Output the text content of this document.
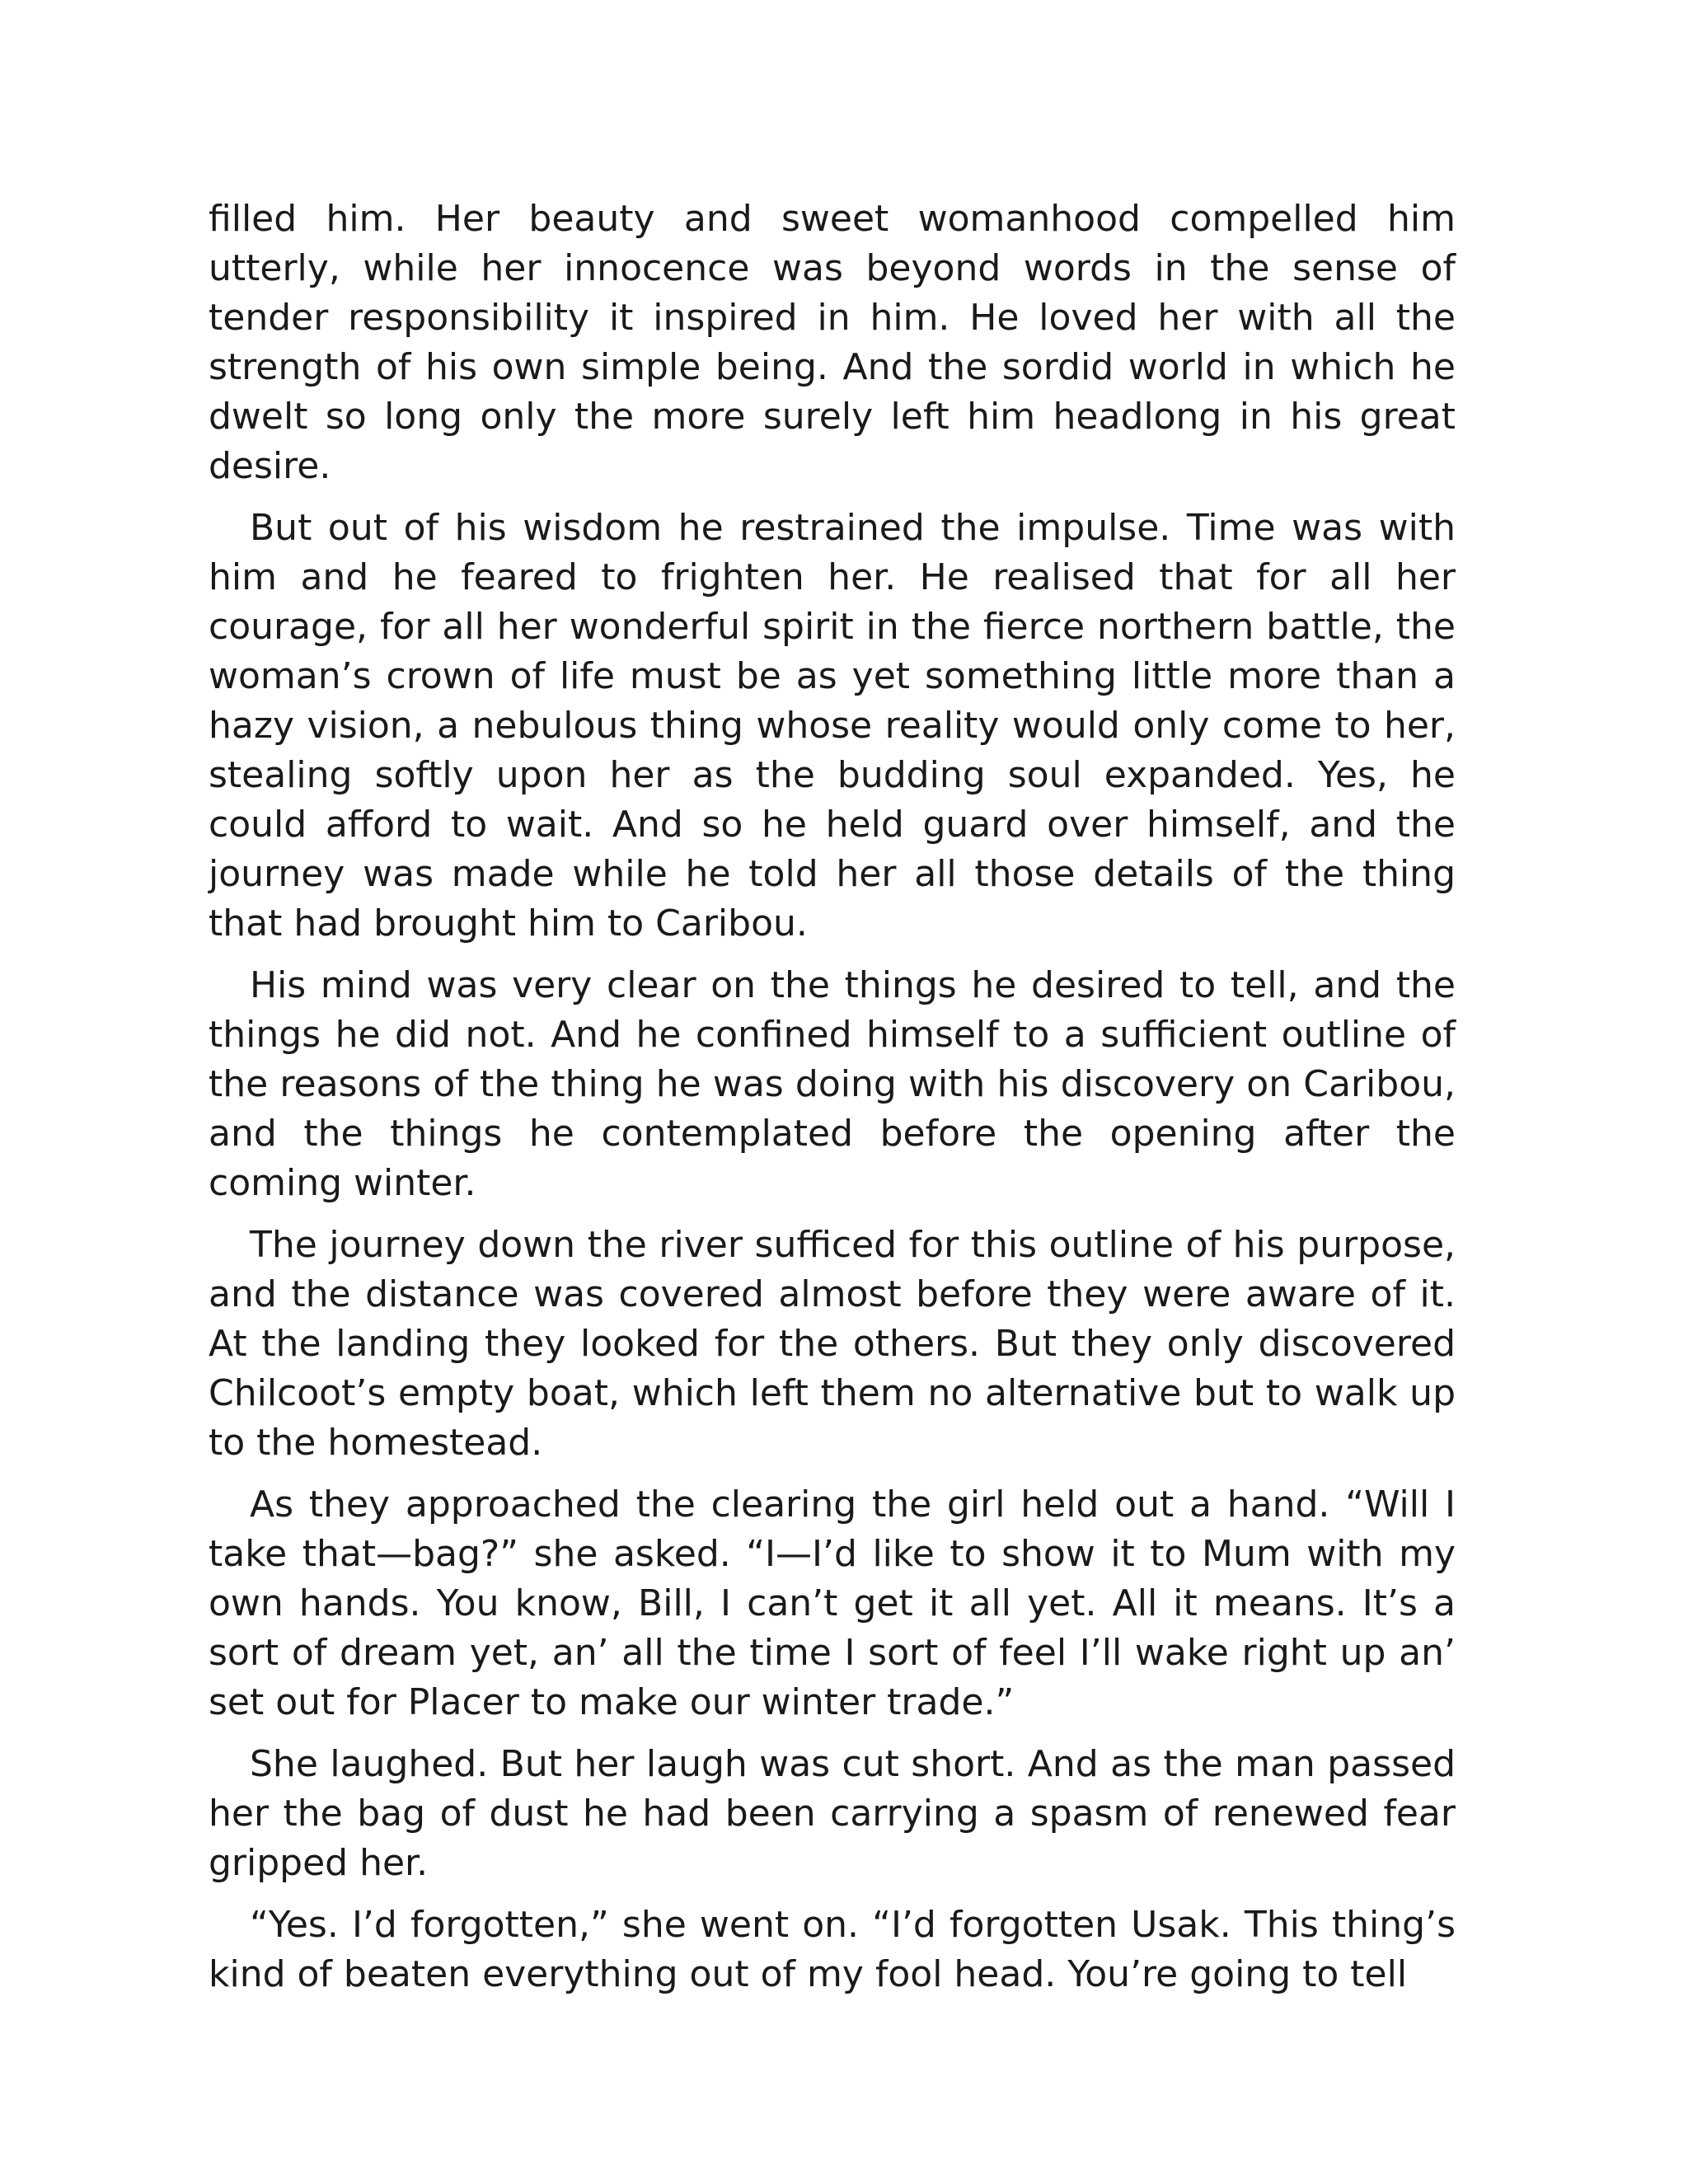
filled him. Her beauty and sweet womanhood compelled him utterly, while her innocence was beyond words in the sense of tender responsibility it inspired in him. He loved her with all the strength of his own simple being. And the sordid world in which he dwelt so long only the more surely left him headlong in his great desire.

But out of his wisdom he restrained the impulse. Time was with him and he feared to frighten her. He realised that for all her courage, for all her wonderful spirit in the fierce northern battle, the woman’s crown of life must be as yet something little more than a hazy vision, a nebulous thing whose reality would only come to her, stealing softly upon her as the budding soul expanded. Yes, he could afford to wait. And so he held guard over himself, and the journey was made while he told her all those details of the thing that had brought him to Caribou.

His mind was very clear on the things he desired to tell, and the things he did not. And he confined himself to a sufficient outline of the reasons of the thing he was doing with his discovery on Caribou, and the things he contemplated before the opening after the coming winter.

The journey down the river sufficed for this outline of his purpose, and the distance was covered almost before they were aware of it. At the landing they looked for the others. But they only discovered Chilcoot’s empty boat, which left them no alternative but to walk up to the homestead.

As they approached the clearing the girl held out a hand. “Will I take that—bag?” she asked. “I—I’d like to show it to Mum with my own hands. You know, Bill, I can’t get it all yet. All it means. It’s a sort of dream yet, an’ all the time I sort of feel I’ll wake right up an’ set out for Placer to make our winter trade.”

She laughed. But her laugh was cut short. And as the man passed her the bag of dust he had been carrying a spasm of renewed fear gripped her.

“Yes. I’d forgotten,” she went on. “I’d forgotten Usak. This thing’s kind of beaten everything out of my fool head. You’re going to tell
